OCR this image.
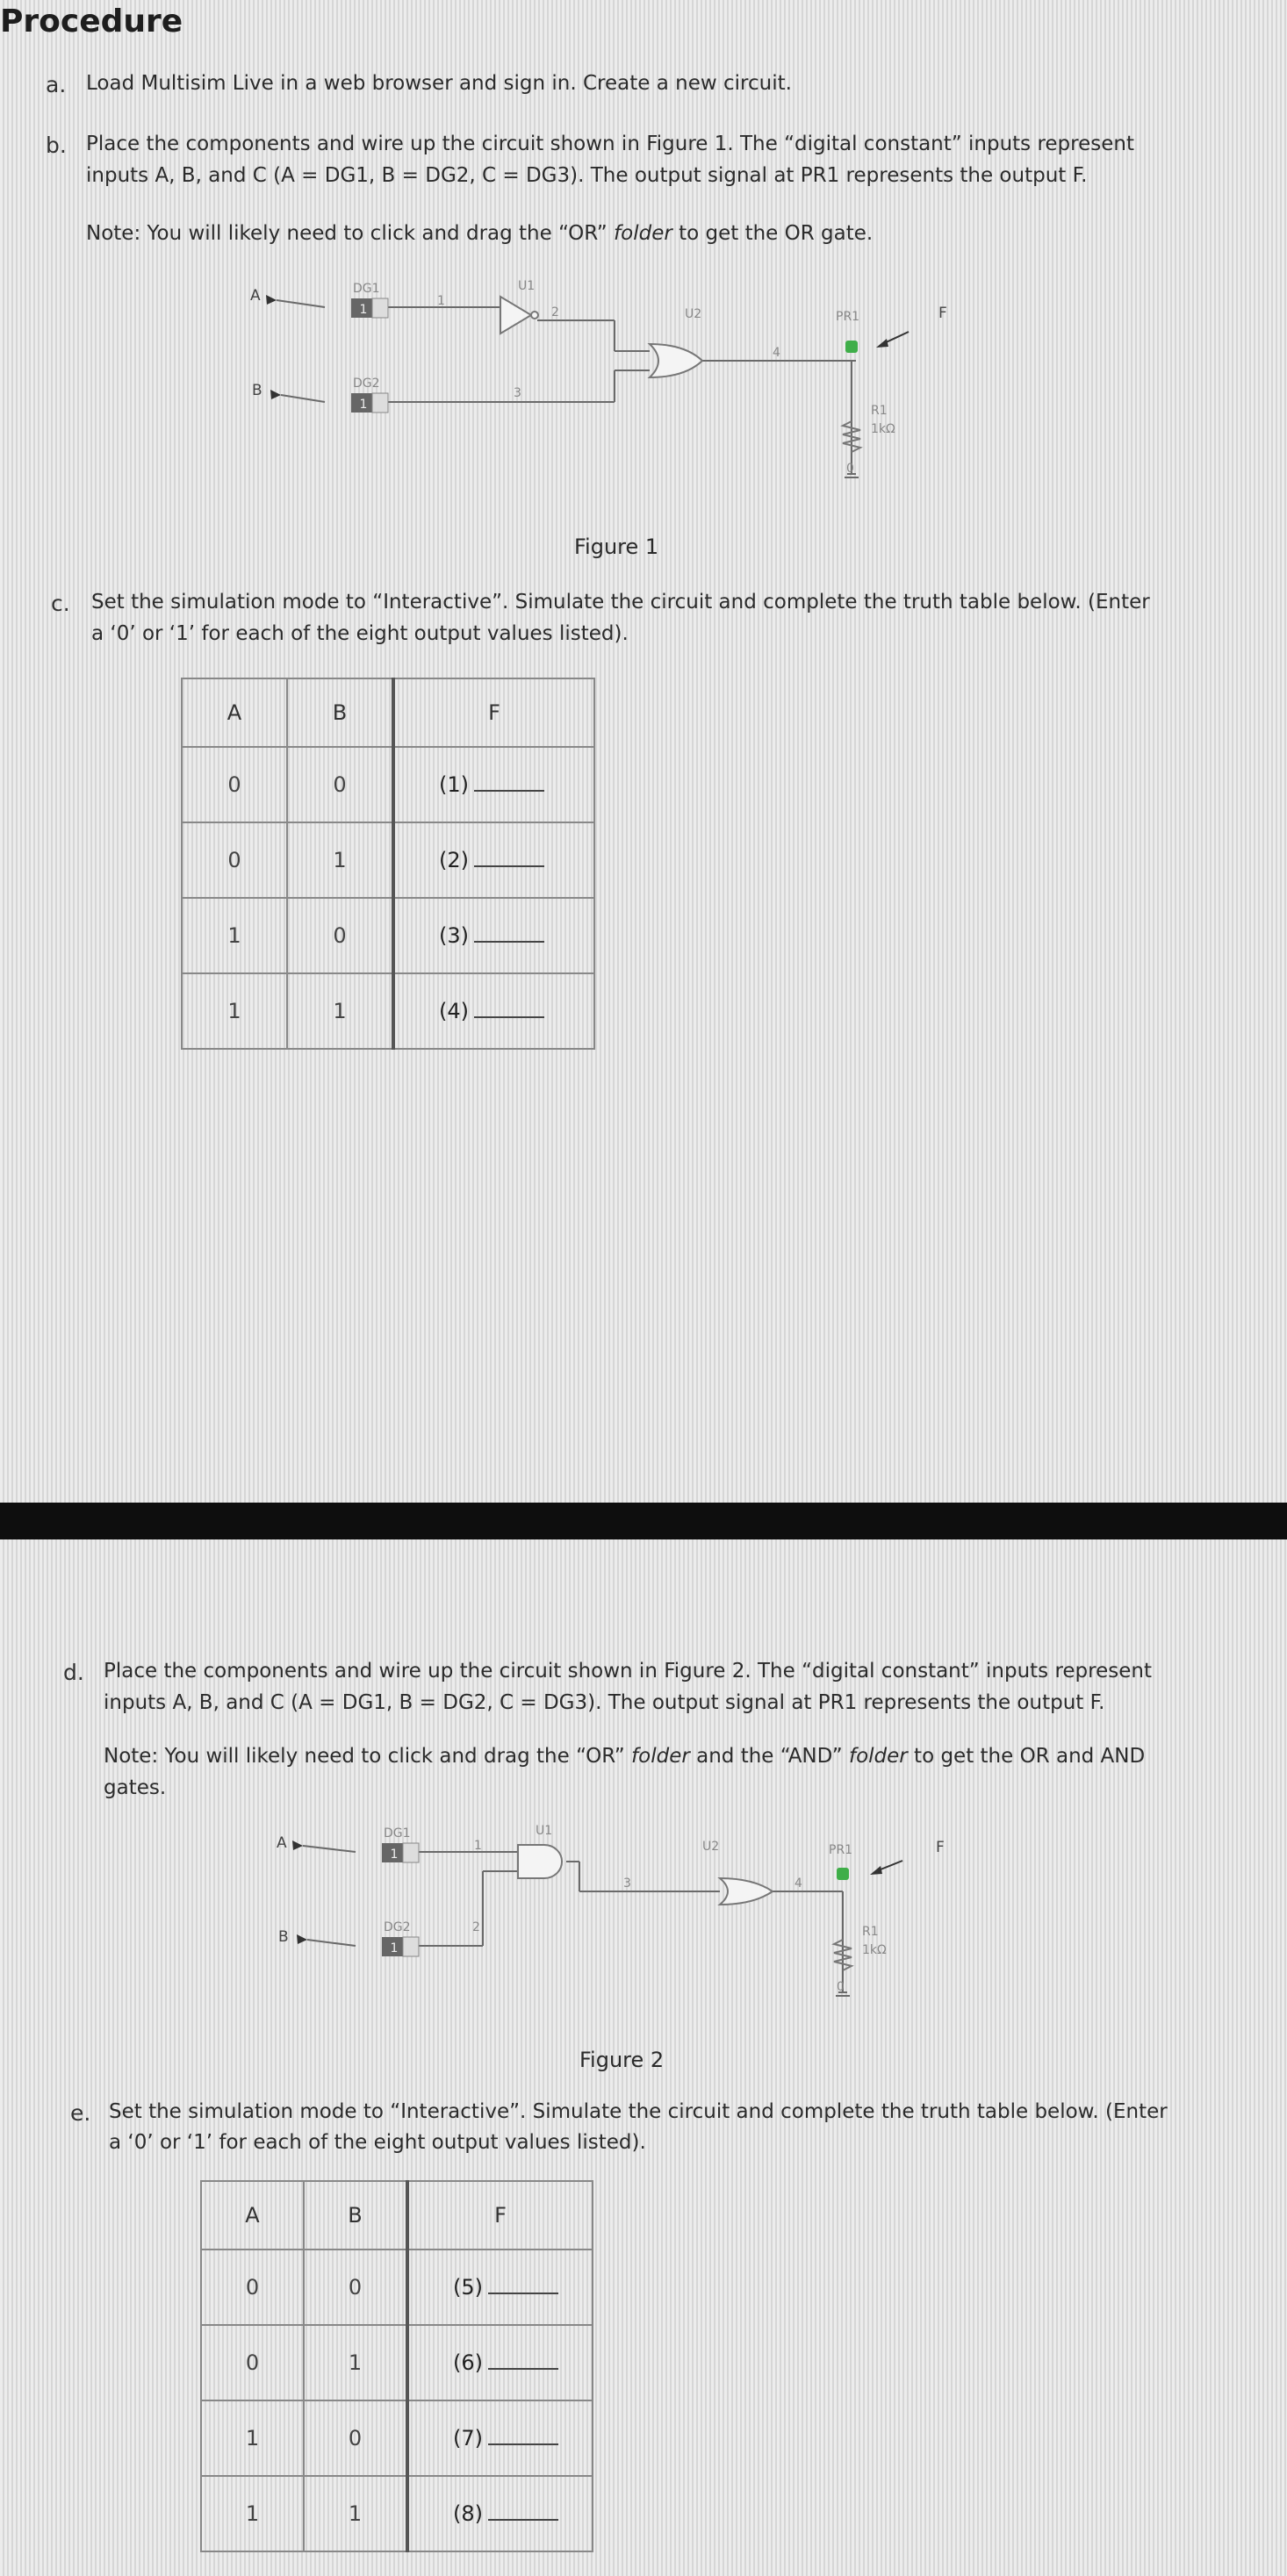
Procedure
a. Load Multisim Live in a web browser and sign in. Create a new circuit.
b. Place the components and wire up the circuit shown in Figure 1. The “digital constant” inputs represent
inputs A, B, and C (A = DG1, B = DG2, C = DG3). The output signal at PR1 represents the output F.
Note: You will likely need to click and drag the “OR” folder to get the OR gate.
1
1
A
B
F
DG1
DG2
1
2
3
4
U1
U2	PR1
R1
1kΩ
0
Figure 1
c. Set the simulation mode to “Interactive”. Simulate the circuit and complete the truth table below. (Enter
a ‘0’ or ‘1’ for each of the eight output values listed).
A	B	F
0	0	(1)
0	1	(2)
1	0	(3)
1	1	(4)
d. Place the components and wire up the circuit shown in Figure 2. The “digital constant” inputs represent
inputs A, B, and C (A = DG1, B = DG2, C = DG3). The output signal at PR1 represents the output F.
Note: You will likely need to click and drag the “OR” folder and the “AND” folder to get the OR and AND
gates.
1
1
A
B
F
DG1
DG2
1
2
3	4
U1
U2	PR1
R1
1kΩ
0
Figure 2
e. Set the simulation mode to “Interactive”. Simulate the circuit and complete the truth table below. (Enter
a ‘0’ or ‘1’ for each of the eight output values listed).
A	B	F
0	0	(5)
0	1	(6)
1	0	(7)
1	1	(8)
